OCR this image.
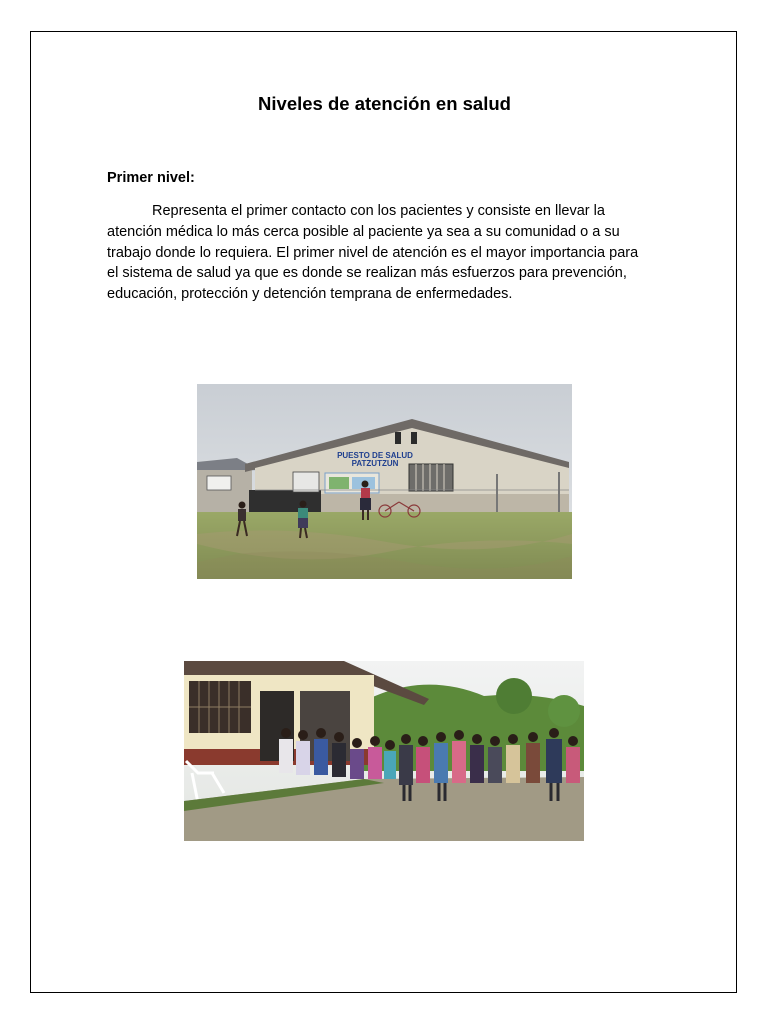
Niveles de atención en salud
Primer nivel:

Representa el primer contacto con los pacientes y consiste en llevar la
atención médica lo más cerca posible al paciente ya sea a su comunidad o a su
trabajo donde lo requiera. El primer nivel de atención es el mayor importancia para
el sistema de salud ya que es donde se realizan más esfuerzos para prevención,
educación, protección y detención temprana de enfermedades.

PUESTO DE SALUD
PATZUTZUN
